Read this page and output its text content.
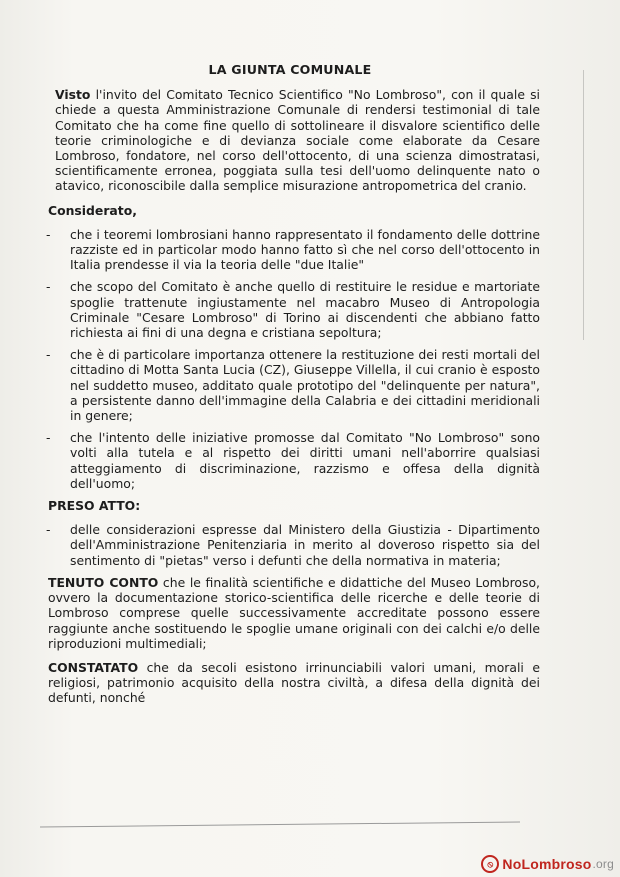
LA GIUNTA COMUNALE

Visto l'invito del Comitato Tecnico Scientifico "No Lombroso", con il quale si chiede a questa Amministrazione Comunale di rendersi testimonial di tale Comitato che ha come fine quello di sottolineare il disvalore scientifico delle teorie criminologiche e di devianza sociale come elaborate da Cesare Lombroso, fondatore, nel corso dell'ottocento, di una scienza dimostratasi, scientificamente erronea, poggiata sulla tesi dell'uomo delinquente nato o atavico, riconoscibile dalla semplice misurazione antropometrica del cranio.

Considerato,

- che i teoremi lombrosiani hanno rappresentato il fondamento delle dottrine razziste ed in particolar modo hanno fatto sì che nel corso dell'ottocento in Italia prendesse il via la teoria delle "due Italie"
- che scopo del Comitato è anche quello di restituire le residue e martoriate spoglie trattenute ingiustamente nel macabro Museo di Antropologia Criminale "Cesare Lombroso" di Torino ai discendenti che abbiano fatto richiesta ai fini di una degna e cristiana sepoltura;
- che è di particolare importanza ottenere la restituzione dei resti mortali del cittadino di Motta Santa Lucia (CZ), Giuseppe Villella, il cui cranio è esposto nel suddetto museo, additato quale prototipo del "delinquente per natura", a persistente danno dell'immagine della Calabria e dei cittadini meridionali in genere;
- che l'intento delle iniziative promosse dal Comitato "No Lombroso" sono volti alla tutela e al rispetto dei diritti umani nell'aborrire qualsiasi atteggiamento di discriminazione, razzismo e offesa della dignità dell'uomo;

PRESO ATTO:

- delle considerazioni espresse dal Ministero della Giustizia - Dipartimento dell'Amministrazione Penitenziaria in merito al doveroso rispetto sia del sentimento di "pietas" verso i defunti che della normativa in materia;

TENUTO CONTO che le finalità scientifiche e didattiche del Museo Lombroso, ovvero la documentazione storico-scientifica delle ricerche e delle teorie di Lombroso comprese quelle successivamente accreditate possono essere raggiunte anche sostituendo le spoglie umane originali con dei calchi e/o delle riproduzioni multimediali;

CONSTATATO che da secoli esistono irrinunciabili valori umani, morali e religiosi, patrimonio acquisito della nostra civiltà, a difesa della dignità dei defunti, nonché

⦸ NoLombroso .org
